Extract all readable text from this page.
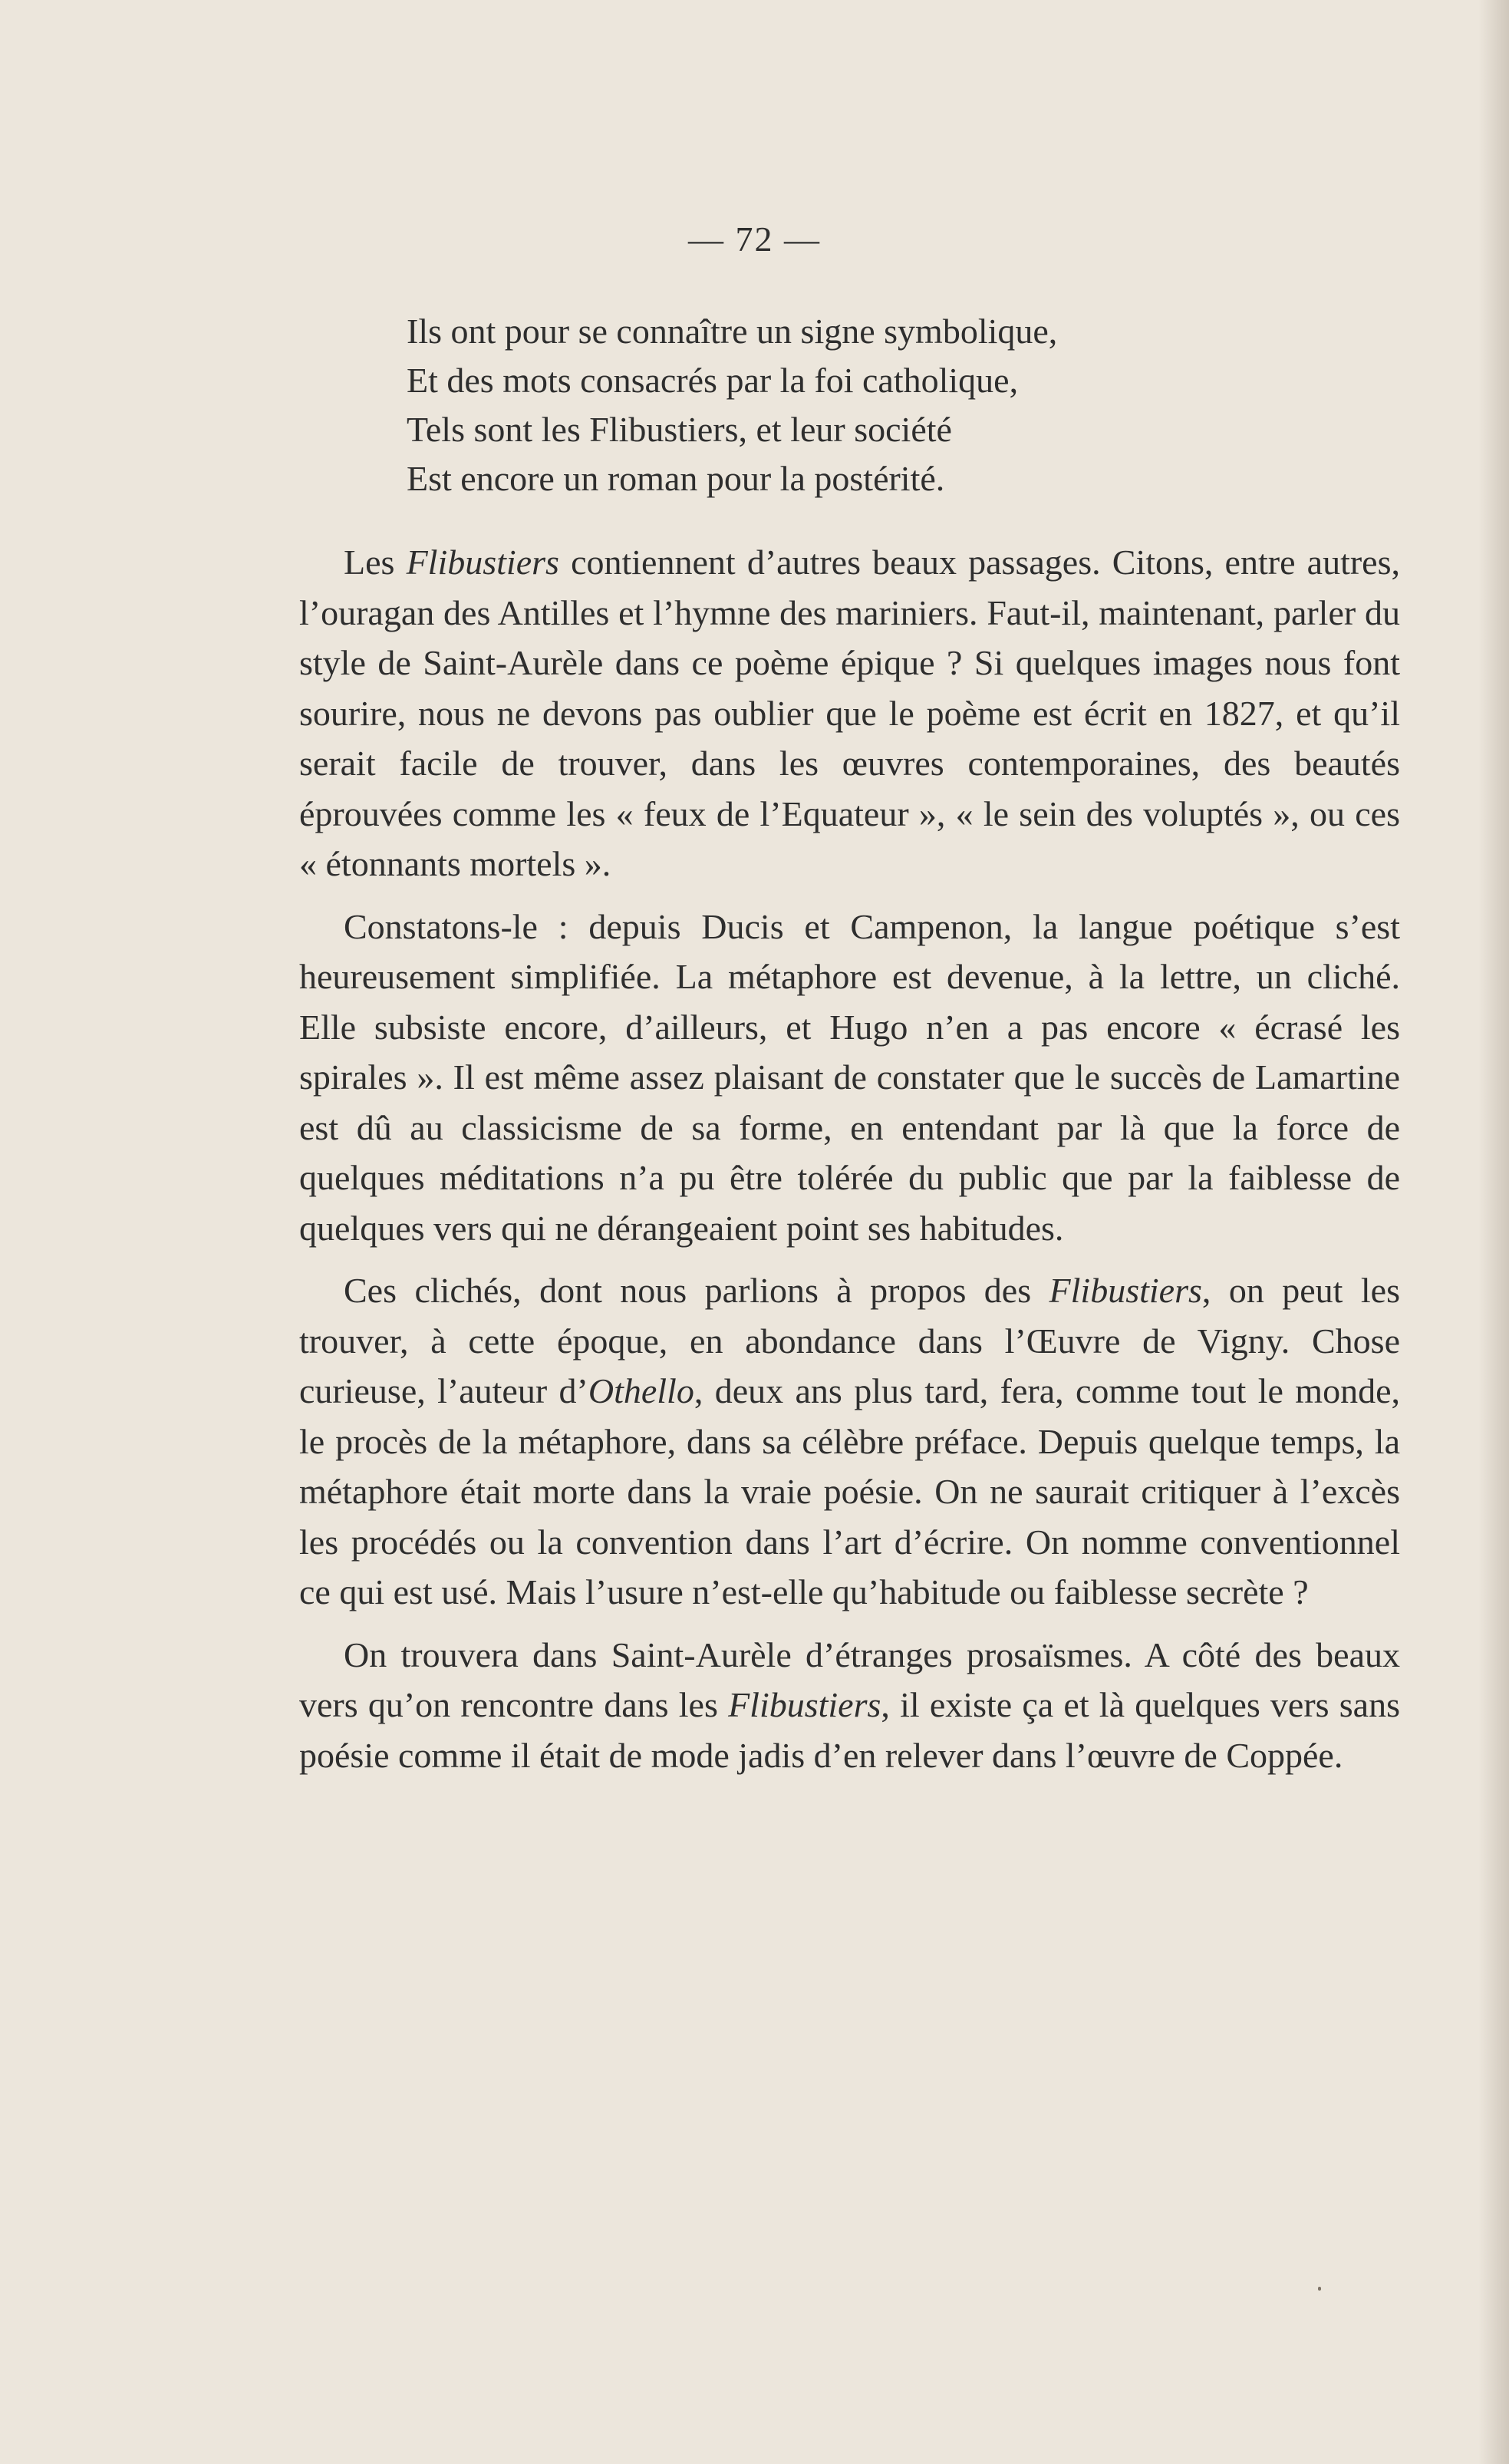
— 72 —
Ils ont pour se connaître un signe symbolique,
Et des mots consacrés par la foi catholique,
Tels sont les Flibustiers, et leur société
Est encore un roman pour la postérité.

Les Flibustiers contiennent d’autres beaux passages. Citons, entre autres, l’ouragan des Antilles et l’hymne des mariniers. Faut-il, maintenant, parler du style de Saint-Aurèle dans ce poème épique ? Si quelques images nous font sourire, nous ne devons pas oublier que le poème est écrit en 1827, et qu’il serait facile de trouver, dans les œuvres contemporaines, des beautés éprouvées comme les « feux de l’Equateur », « le sein des voluptés », ou ces « étonnants mortels ».

Constatons-le : depuis Ducis et Campenon, la langue poétique s’est heureusement simplifiée. La métaphore est devenue, à la lettre, un cliché. Elle subsiste encore, d’ailleurs, et Hugo n’en a pas encore « écrasé les spirales ». Il est même assez plaisant de constater que le succès de Lamartine est dû au classicisme de sa forme, en entendant par là que la force de quelques méditations n’a pu être tolérée du public que par la faiblesse de quelques vers qui ne dérangeaient point ses habitudes.

Ces clichés, dont nous parlions à propos des Flibustiers, on peut les trouver, à cette époque, en abondance dans l’Œuvre de Vigny. Chose curieuse, l’auteur d’Othello, deux ans plus tard, fera, comme tout le monde, le procès de la métaphore, dans sa célèbre préface. Depuis quelque temps, la métaphore était morte dans la vraie poésie. On ne saurait critiquer à l’excès les procédés ou la convention dans l’art d’écrire. On nomme conventionnel ce qui est usé. Mais l’usure n’est-elle qu’habitude ou faiblesse secrète ?

On trouvera dans Saint-Aurèle d’étranges prosaïsmes. A côté des beaux vers qu’on rencontre dans les Flibustiers, il existe ça et là quelques vers sans poésie comme il était de mode jadis d’en relever dans l’œuvre de Coppée.
